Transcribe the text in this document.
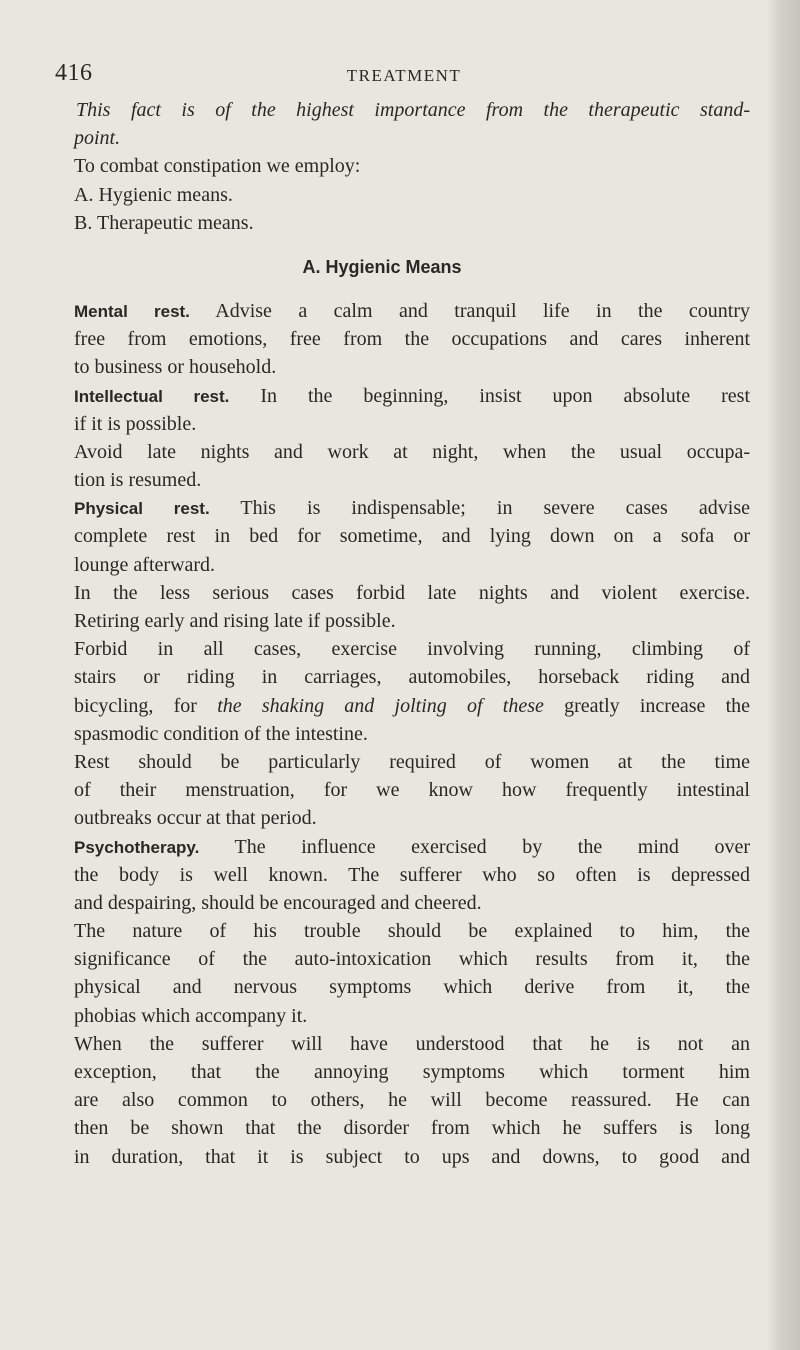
416	TREATMENT
This fact is of the highest importance from the therapeutic stand-
point.
To combat constipation we employ:
A. Hygienic means.
B. Therapeutic means.
A. Hygienic Means
Mental rest. Advise a calm and tranquil life in the country
free from emotions, free from the occupations and cares inherent
to business or household.
Intellectual rest. In the beginning, insist upon absolute rest
if it is possible.
Avoid late nights and work at night, when the usual occupa-
tion is resumed.
Physical rest. This is indispensable; in severe cases advise
complete rest in bed for sometime, and lying down on a sofa or
lounge afterward.
In the less serious cases forbid late nights and violent exercise.
Retiring early and rising late if possible.
Forbid in all cases, exercise involving running, climbing of
stairs or riding in carriages, automobiles, horseback riding and
bicycling, for the shaking and jolting of these greatly increase the
spasmodic condition of the intestine.
Rest should be particularly required of women at the time
of their menstruation, for we know how frequently intestinal
outbreaks occur at that period.
Psychotherapy. The influence exercised by the mind over
the body is well known. The sufferer who so often is depressed
and despairing, should be encouraged and cheered.
The nature of his trouble should be explained to him, the
significance of the auto-intoxication which results from it, the
physical and nervous symptoms which derive from it, the
phobias which accompany it.
When the sufferer will have understood that he is not an
exception, that the annoying symptoms which torment him
are also common to others, he will become reassured. He can
then be shown that the disorder from which he suffers is long
in duration, that it is subject to ups and downs, to good and
